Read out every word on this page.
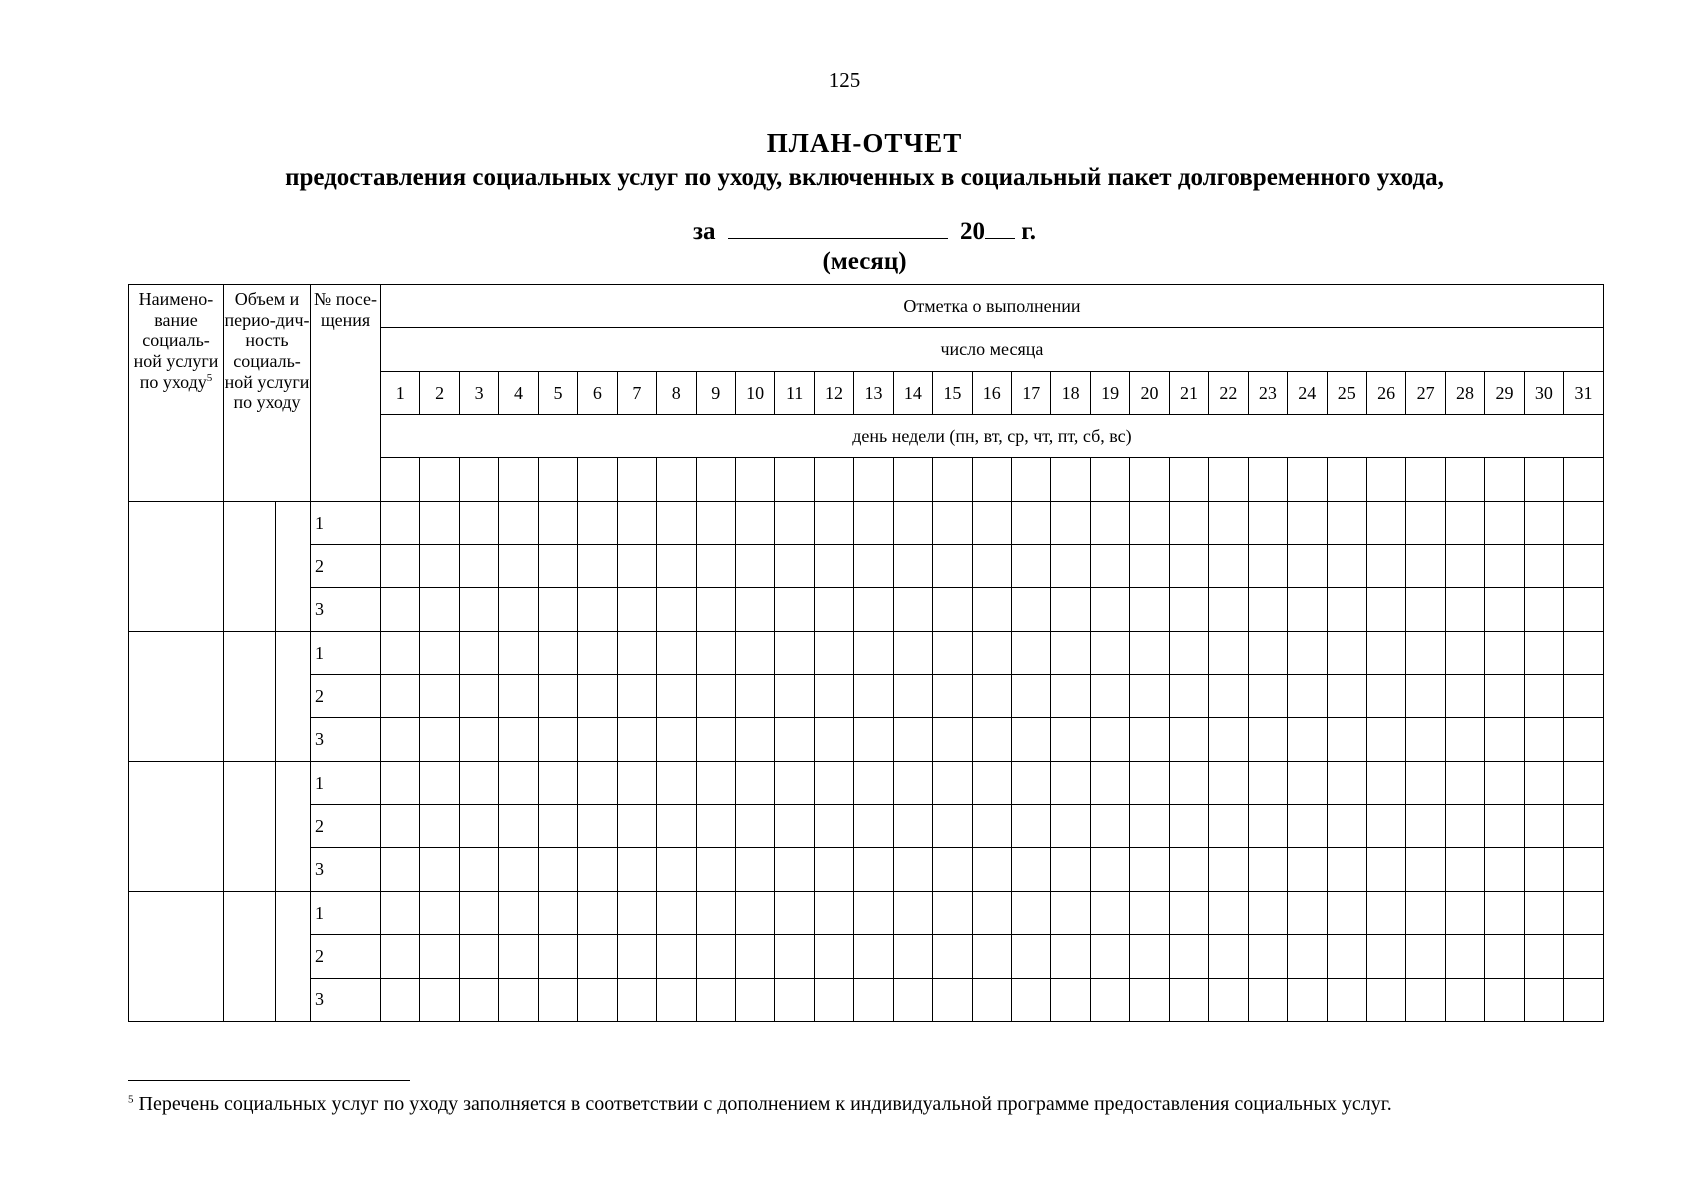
125
ПЛАН-ОТЧЕТ
предоставления социальных услуг по уходу, включенных в социальный пакет долговременного ухода,
за	20 г.
(месяц)
Наимено-вание социаль-ной услуги по уходу$^5$	Объем и перио-дич-ность социаль-ной услуги по уходу		№ посе-щения	Отметка о выполнении																														
				число месяца																														
				1	2	3	4	5	6	7	8	9	10	11	12	13	14	15	16	17	18	19	20	21	22	23	24	25	26	27	28	29	30	31
				день недели (пн, вт, ср, чт, пт, сб, вс)																														

			1																															
			2																															
			3																															
			1																															
			2																															
			3																															
			1																															
			2																															
			3																															
			1																															
			2																															
			3																															
$^5$ Перечень социальных услуг по уходу заполняется в соответствии с дополнением к индивидуальной программе предоставления социальных услуг.
